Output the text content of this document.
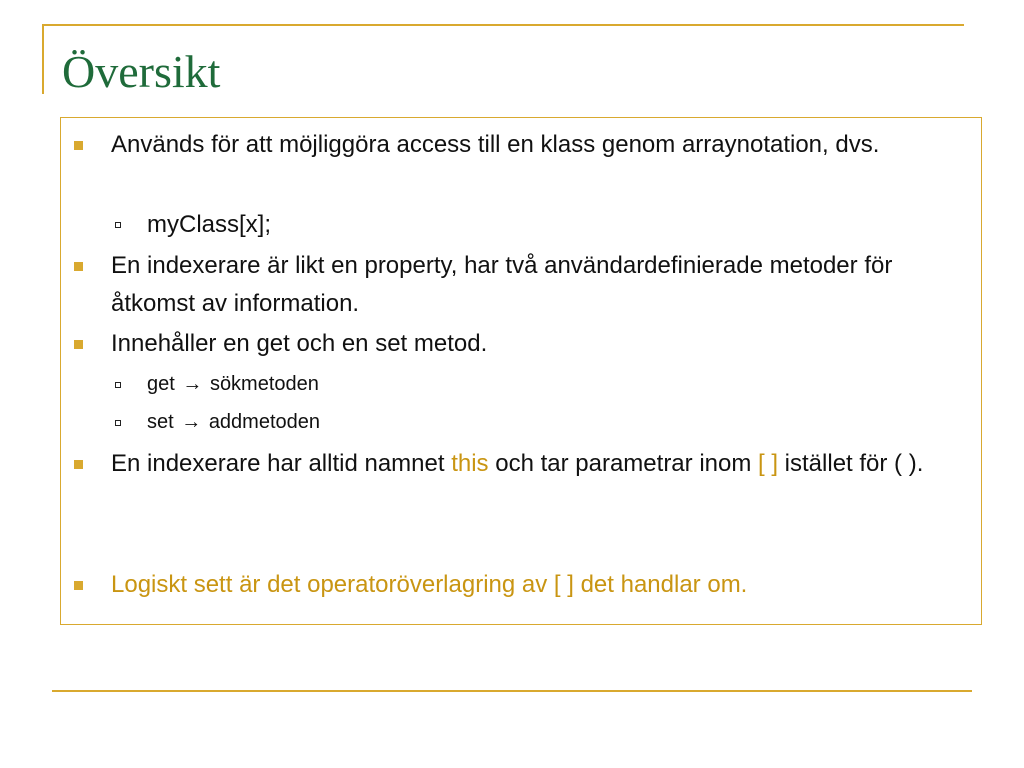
Översikt
Används för att möjliggöra access till en klass genom arraynotation, dvs.
myClass[x];
En indexerare är likt en property, har två användardefinierade metoder för åtkomst av information.
Innehåller en get och en set metod.
get → sökmetoden
set → addmetoden
En indexerare har alltid namnet this och tar parametrar inom [ ] istället för ( ).
Logiskt sett är det operatoröverlagring av [ ] det handlar om.
